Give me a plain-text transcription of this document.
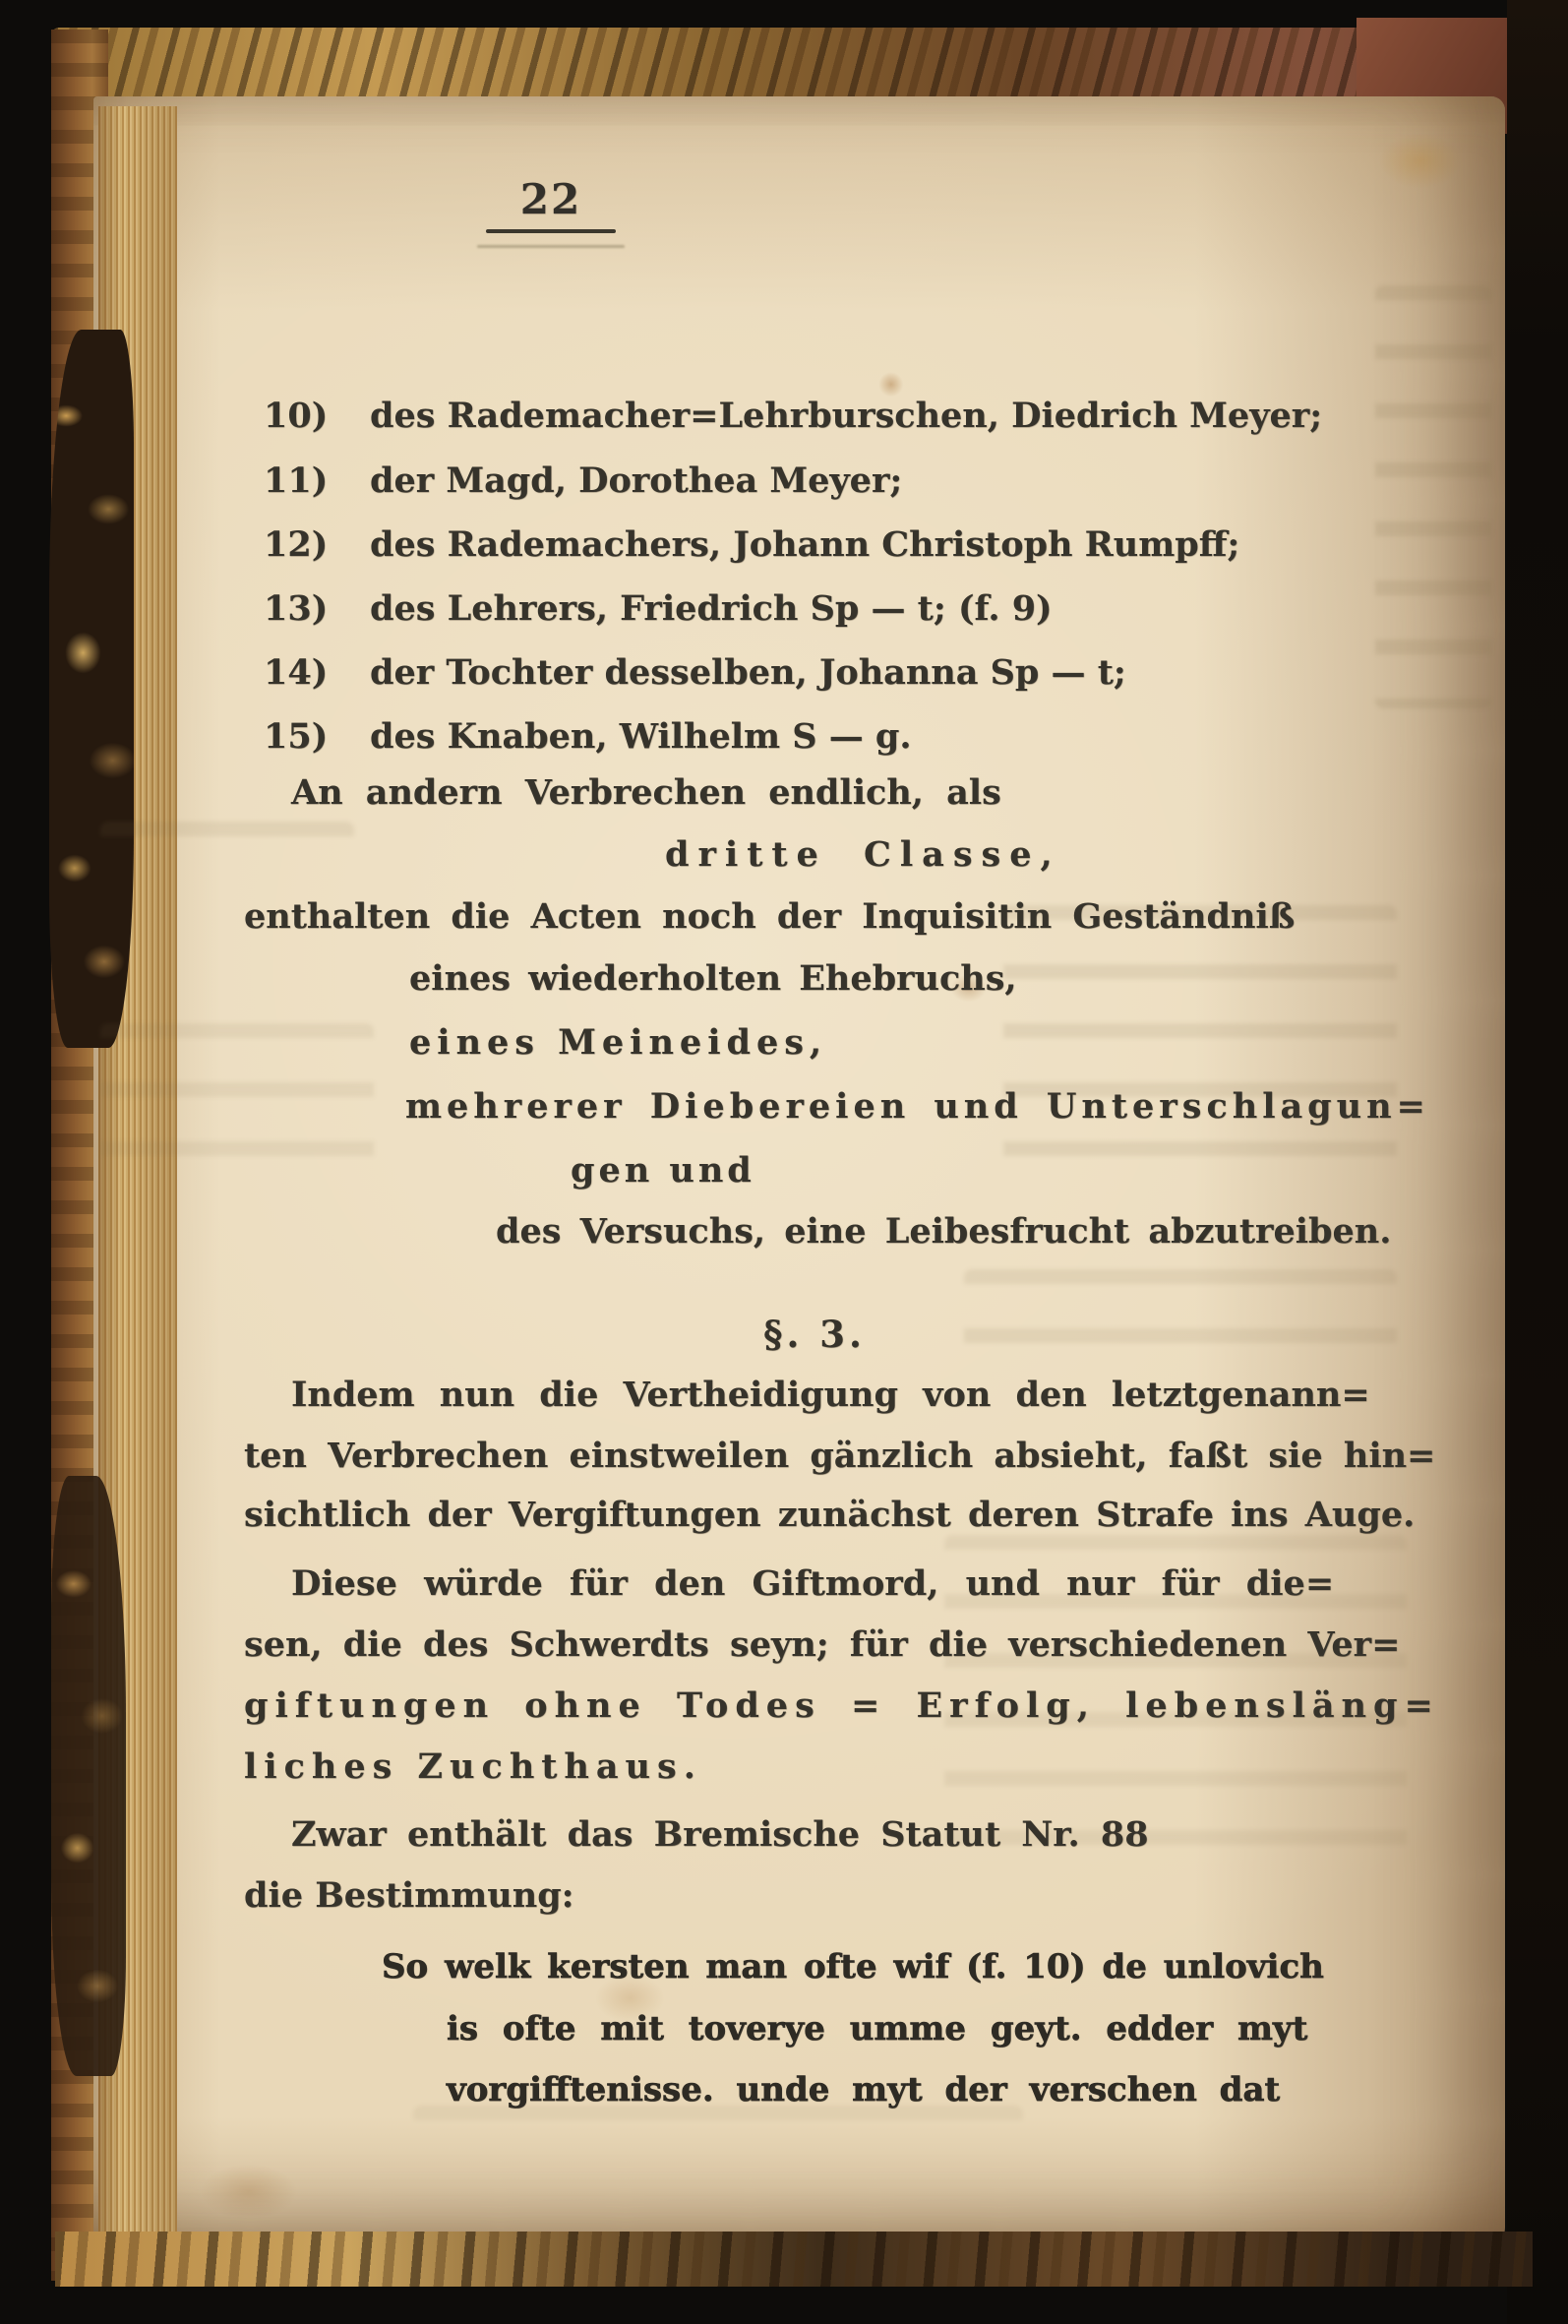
22
10)	des Rademacher=Lehrburschen, Diedrich Meyer;
11)	der Magd, Dorothea Meyer;
12)	des Rademachers, Johann Christoph Rumpff;
13)	des Lehrers, Friedrich Sp — t; (f. 9)
14)	der Tochter desselben, Johanna Sp — t;
15)	des Knaben, Wilhelm S — g.
An andern Verbrechen endlich, als
dritte Classe,
enthalten die Acten noch der Inquisitin Geständniß
eines wiederholten Ehebruchs,
eines Meineides,
mehrerer Diebereien und Unterschlagun=
gen und
des Versuchs, eine Leibesfrucht abzutreiben.
§. 3.
Indem nun die Vertheidigung von den letztgenann=
ten Verbrechen einstweilen gänzlich absieht, faßt sie hin=
sichtlich der Vergiftungen zunächst deren Strafe ins Auge.
Diese würde für den Giftmord, und nur für die=
sen, die des Schwerdts seyn; für die verschiedenen Ver=
giftungen ohne Todes = Erfolg, lebensläng=
liches Zuchthaus.
Zwar enthält das Bremische Statut Nr. 88
die Bestimmung:
So welk kersten man ofte wif (f. 10) de unlovich
is ofte mit toverye umme geyt. edder myt
vorgifftenisse. unde myt der verschen dat
